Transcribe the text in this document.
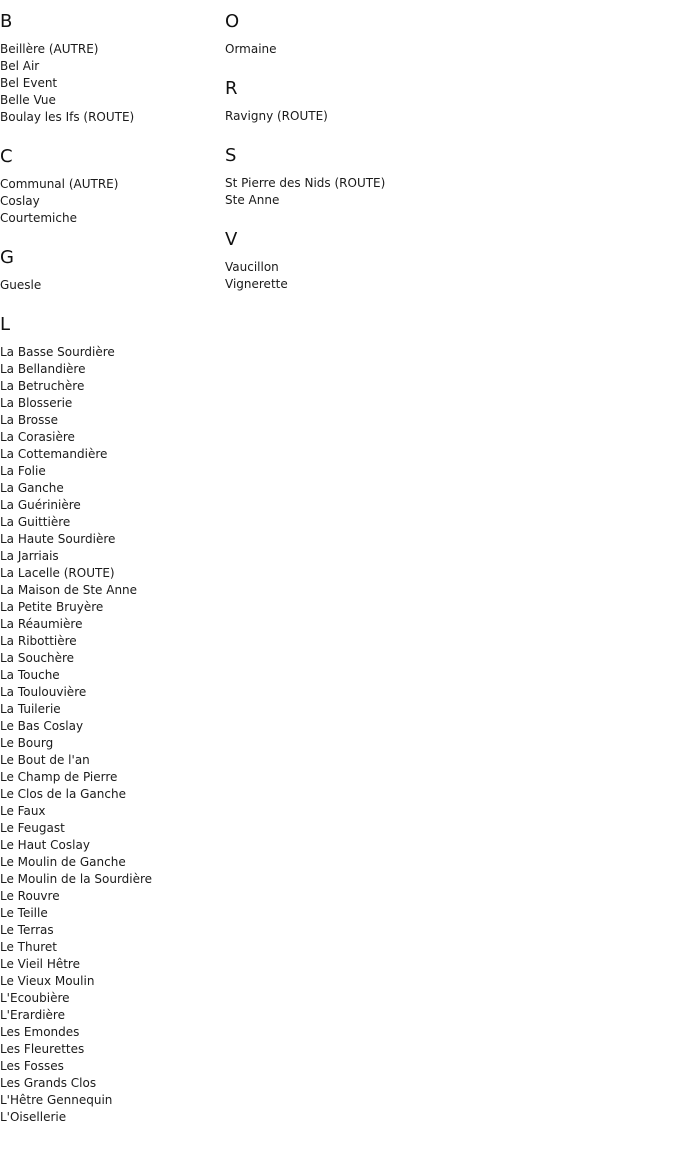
B
Beillère (AUTRE)
Bel Air
Bel Event
Belle Vue
Boulay les Ifs (ROUTE)
C
Communal (AUTRE)
Coslay
Courtemiche
G
Guesle
L
La Basse Sourdière
La Bellandière
La Betruchère
La Blosserie
La Brosse
La Corasière
La Cottemandière
La Folie
La Ganche
La Guérinière
La Guittière
La Haute Sourdière
La Jarriais
La Lacelle (ROUTE)
La Maison de Ste Anne
La Petite Bruyère
La Réaumière
La Ribottière
La Souchère
La Touche
La Toulouvière
La Tuilerie
Le Bas Coslay
Le Bourg
Le Bout de l'an
Le Champ de Pierre
Le Clos de la Ganche
Le Faux
Le Feugast
Le Haut Coslay
Le Moulin de Ganche
Le Moulin de la Sourdière
Le Rouvre
Le Teille
Le Terras
Le Thuret
Le Vieil Hêtre
Le Vieux Moulin
L'Ecoubière
L'Erardière
Les Emondes
Les Fleurettes
Les Fosses
Les Grands Clos
L'Hêtre Gennequin
L'Oisellerie
O
Ormaine
R
Ravigny (ROUTE)
S
St Pierre des Nids (ROUTE)
Ste Anne
V
Vaucillon
Vignerette
